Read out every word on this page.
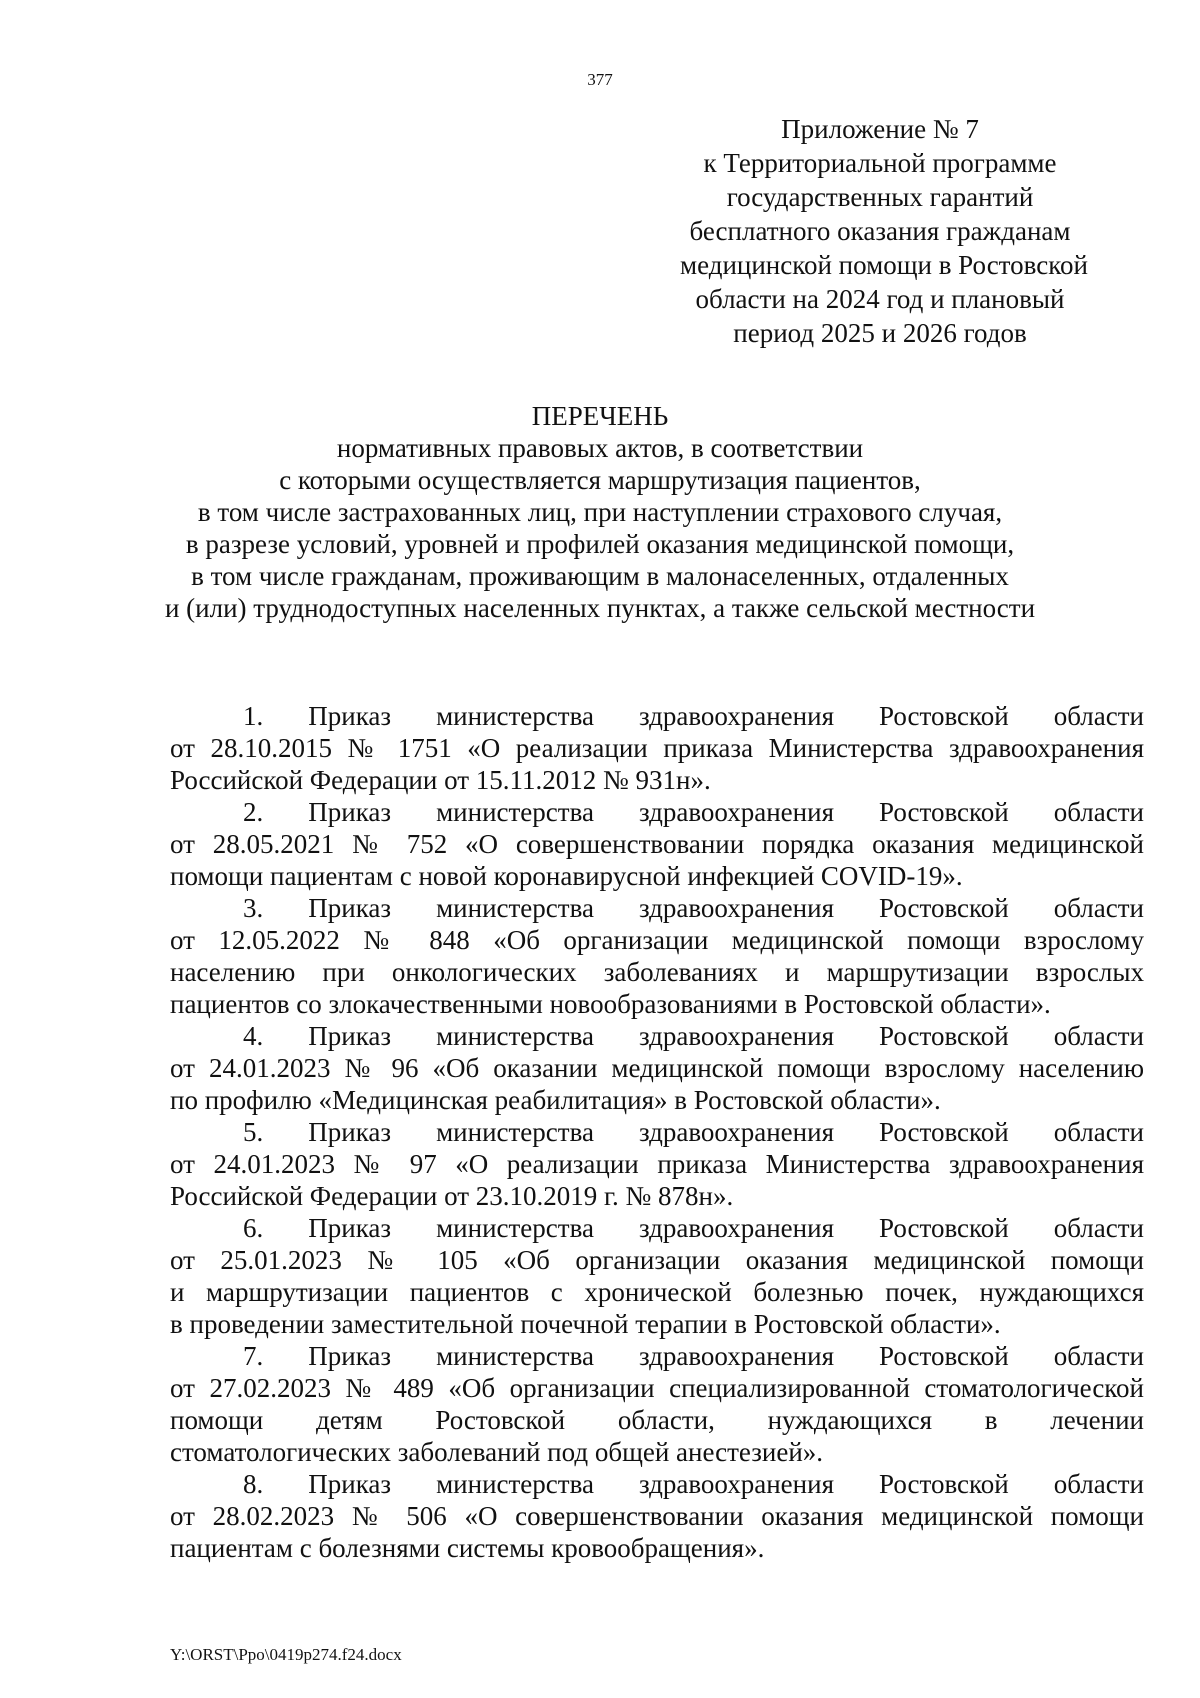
377
Приложение № 7
к Территориальной программе
государственных гарантий
бесплатного оказания гражданам
медицинской помощи в Ростовской
области на 2024 год и плановый
период 2025 и 2026 годов
ПЕРЕЧЕНЬ
нормативных правовых актов, в соответствии
с которыми осуществляется маршрутизация пациентов,
в том числе застрахованных лиц, при наступлении страхового случая,
в разрезе условий, уровней и профилей оказания медицинской помощи,
в том числе гражданам, проживающим в малонаселенных, отдаленных
и (или) труднодоступных населенных пунктах, а также сельской местности
1. Приказ министерства здравоохранения Ростовской области
от 28.10.2015 № 1751 «О реализации приказа Министерства здравоохранения
Российской Федерации от 15.11.2012 № 931н».
2. Приказ министерства здравоохранения Ростовской области
от 28.05.2021 № 752 «О совершенствовании порядка оказания медицинской
помощи пациентам с новой коронавирусной инфекцией COVID-19».
3. Приказ министерства здравоохранения Ростовской области
от 12.05.2022 № 848 «Об организации медицинской помощи взрослому
населению при онкологических заболеваниях и маршрутизации взрослых
пациентов со злокачественными новообразованиями в Ростовской области».
4. Приказ министерства здравоохранения Ростовской области
от 24.01.2023 № 96 «Об оказании медицинской помощи взрослому населению
по профилю «Медицинская реабилитация» в Ростовской области».
5. Приказ министерства здравоохранения Ростовской области
от 24.01.2023 № 97 «О реализации приказа Министерства здравоохранения
Российской Федерации от 23.10.2019 г. № 878н».
6. Приказ министерства здравоохранения Ростовской области
от 25.01.2023 № 105 «Об организации оказания медицинской помощи
и маршрутизации пациентов с хронической болезнью почек, нуждающихся
в проведении заместительной почечной терапии в Ростовской области».
7. Приказ министерства здравоохранения Ростовской области
от 27.02.2023 № 489 «Об организации специализированной стоматологической
помощи детям Ростовской области, нуждающихся в лечении
стоматологических заболеваний под общей анестезией».
8. Приказ министерства здравоохранения Ростовской области
от 28.02.2023 № 506 «О совершенствовании оказания медицинской помощи
пациентам с болезнями системы кровообращения».
Y:\ORST\Ppo\0419p274.f24.docx
